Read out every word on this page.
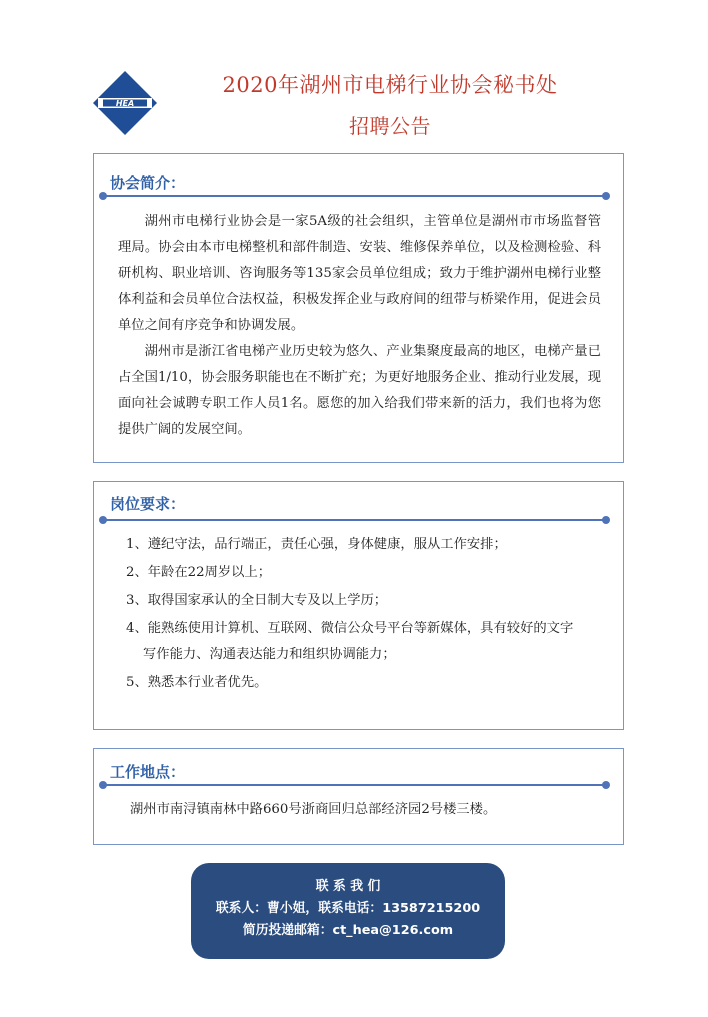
HEA
2020年湖州市电梯行业协会秘书处
招聘公告
协会简介：

湖州市电梯行业协会是一家5A级的社会组织，主管单位是湖州市市场监督管理局。协会由本市电梯整机和部件制造、安装、维修保养单位，以及检测检验、科研机构、职业培训、咨询服务等135家会员单位组成；致力于维护湖州电梯行业整体利益和会员单位合法权益，积极发挥企业与政府间的纽带与桥梁作用，促进会员单位之间有序竞争和协调发展。

湖州市是浙江省电梯产业历史较为悠久、产业集聚度最高的地区，电梯产量已占全国1/10，协会服务职能也在不断扩充；为更好地服务企业、推动行业发展，现面向社会诚聘专职工作人员1名。愿您的加入给我们带来新的活力，我们也将为您提供广阔的发展空间。

岗位要求：
1、遵纪守法，品行端正，责任心强，身体健康，服从工作安排；
2、年龄在22周岁以上；
3、取得国家承认的全日制大专及以上学历；
4、能熟练使用计算机、互联网、微信公众号平台等新媒体，具有较好的文字
写作能力、沟通表达能力和组织协调能力；
5、熟悉本行业者优先。
工作地点：

湖州市南浔镇南林中路660号浙商回归总部经济园2号楼三楼。

联 系 我 们
联系人：曹小姐，联系电话：13587215200
简历投递邮箱：ct_hea@126.com
